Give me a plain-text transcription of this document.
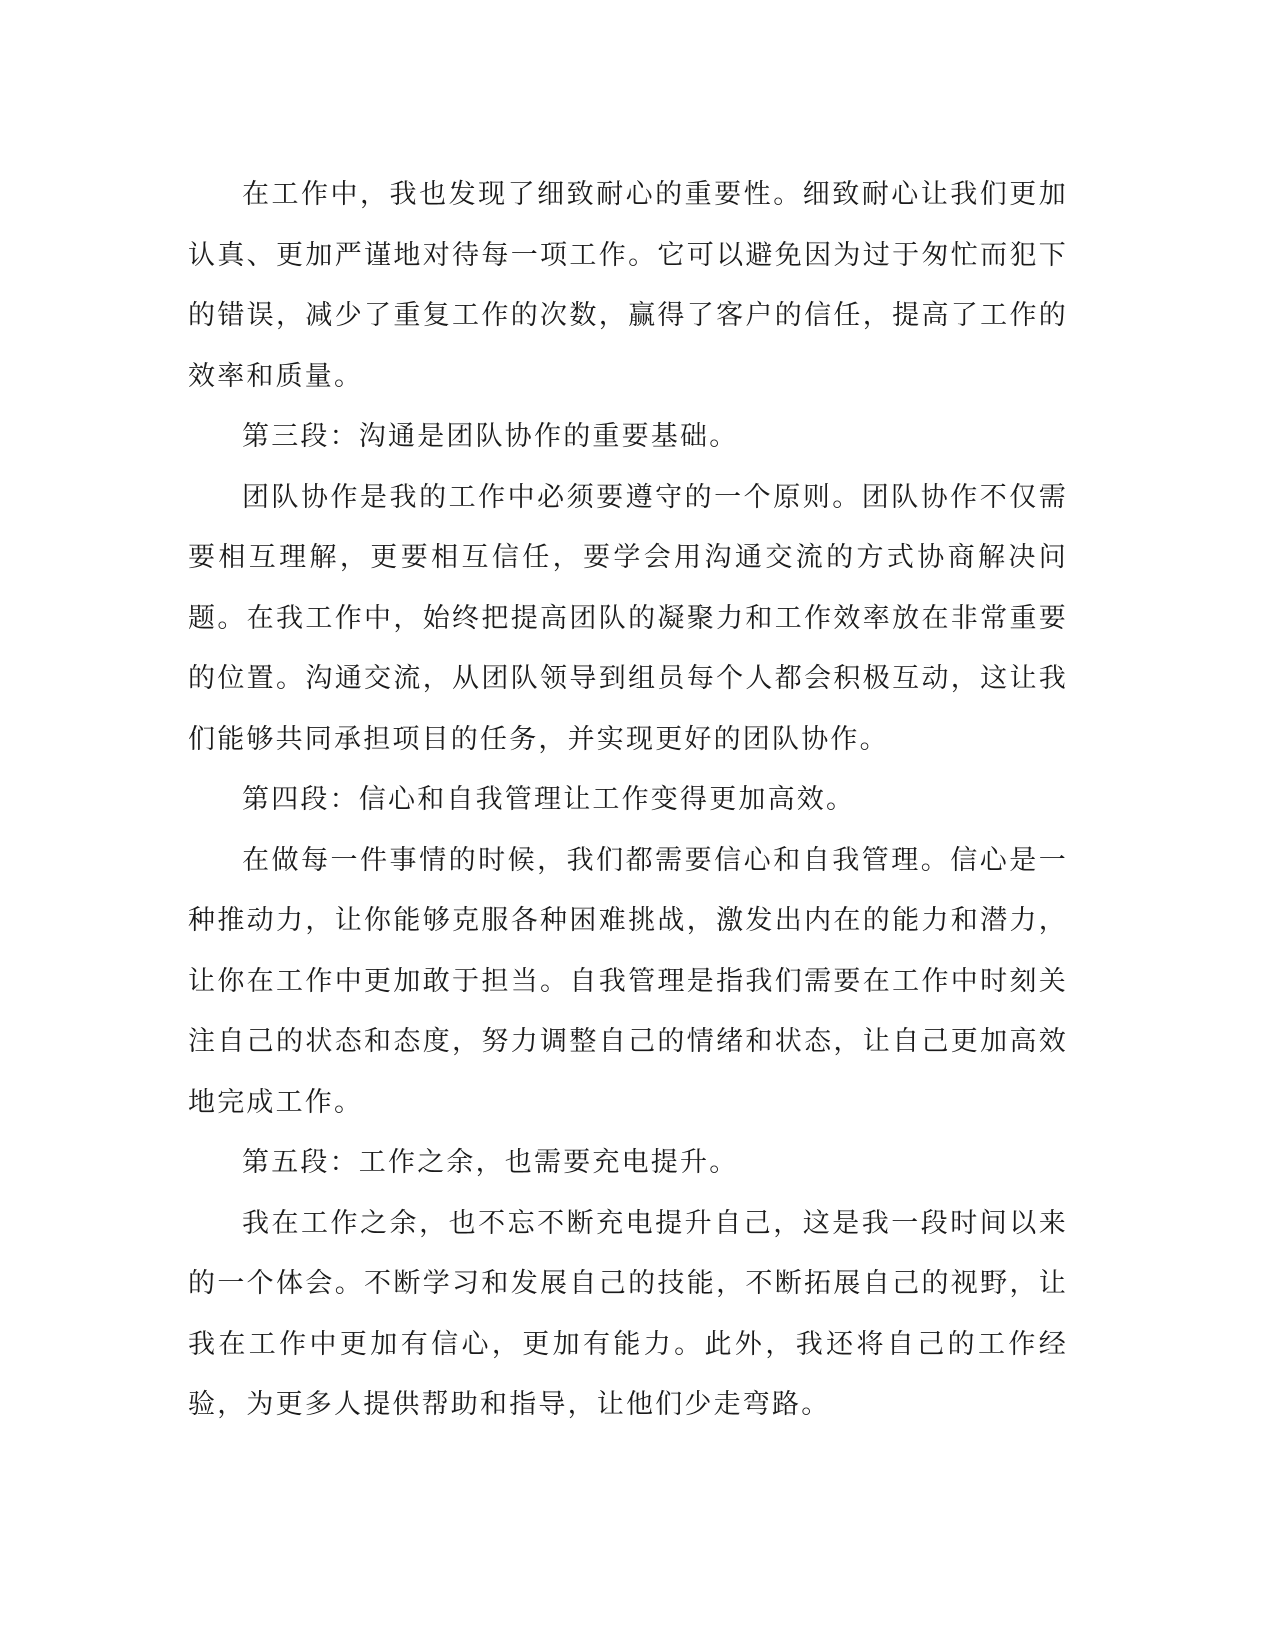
在工作中，我也发现了细致耐心的重要性。细致耐心让我们更加认真、更加严谨地对待每一项工作。它可以避免因为过于匆忙而犯下的错误，减少了重复工作的次数，赢得了客户的信任，提高了工作的效率和质量。

第三段：沟通是团队协作的重要基础。

团队协作是我的工作中必须要遵守的一个原则。团队协作不仅需要相互理解，更要相互信任，要学会用沟通交流的方式协商解决问题。在我工作中，始终把提高团队的凝聚力和工作效率放在非常重要的位置。沟通交流，从团队领导到组员每个人都会积极互动，这让我们能够共同承担项目的任务，并实现更好的团队协作。

第四段：信心和自我管理让工作变得更加高效。

在做每一件事情的时候，我们都需要信心和自我管理。信心是一种推动力，让你能够克服各种困难挑战，激发出内在的能力和潜力，让你在工作中更加敢于担当。自我管理是指我们需要在工作中时刻关注自己的状态和态度，努力调整自己的情绪和状态，让自己更加高效地完成工作。

第五段：工作之余，也需要充电提升。

我在工作之余，也不忘不断充电提升自己，这是我一段时间以来的一个体会。不断学习和发展自己的技能，不断拓展自己的视野，让我在工作中更加有信心，更加有能力。此外，我还将自己的工作经验，为更多人提供帮助和指导，让他们少走弯路。
